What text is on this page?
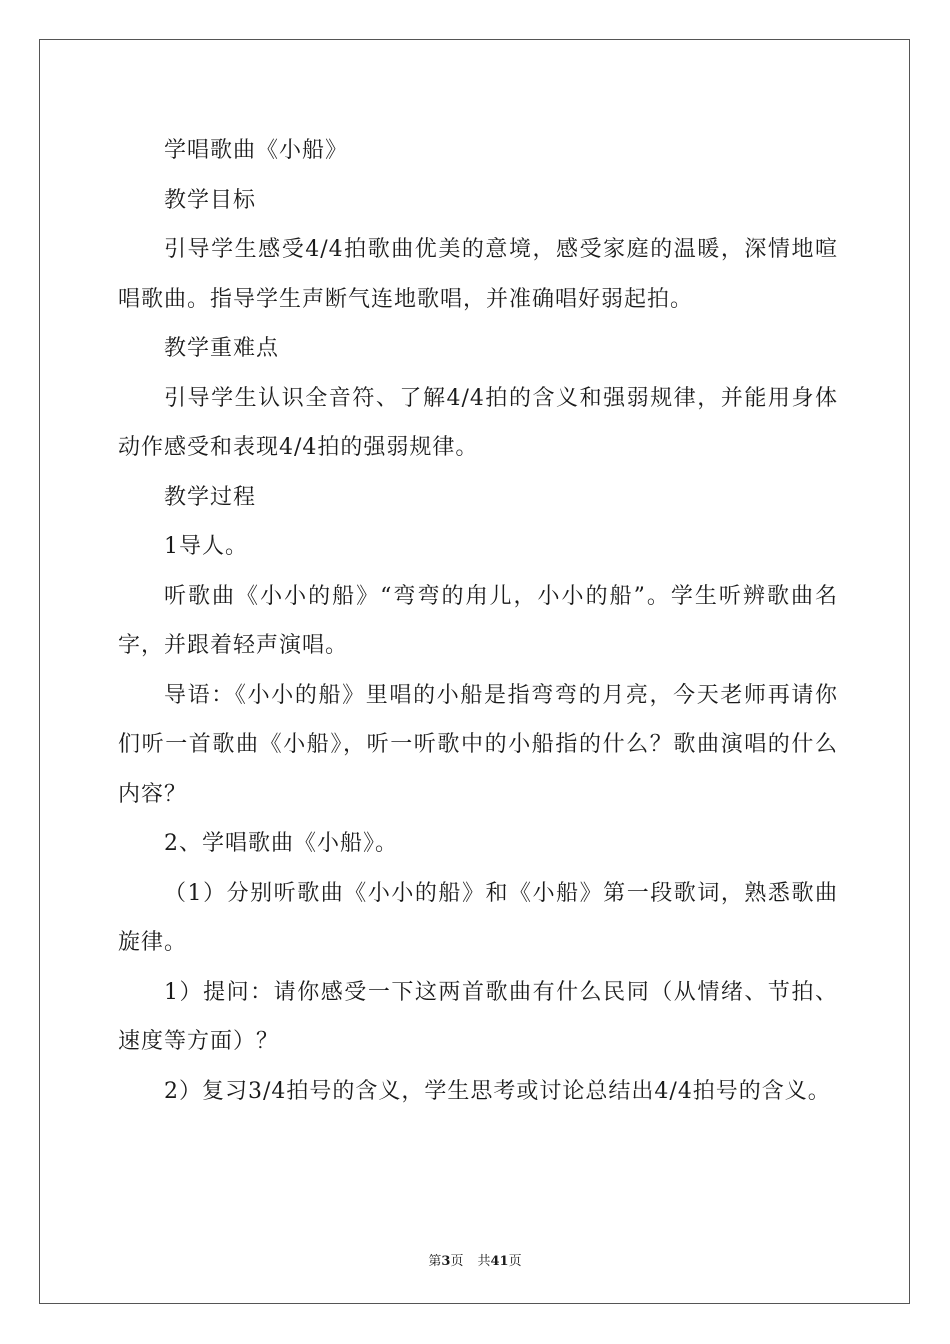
学唱歌曲《小船》

教学目标

引导学生感受4/4拍歌曲优美的意境，感受家庭的温暖，深情地喧唱歌曲。指导学生声断气连地歌唱，并准确唱好弱起拍。

教学重难点

引导学生认识全音符、了解4/4拍的含义和强弱规律，并能用身体动作感受和表现4/4拍的强弱规律。

教学过程

1导人。

听歌曲《小小的船》“弯弯的甪儿，小小的船”。学生听辨歌曲名字，并跟着轻声演唱。

导语：《小小的船》里唱的小船是指弯弯的月亮，今天老师再请你们听一首歌曲《小船》，听一听歌中的小船指的什么？歌曲演唱的什么内容？

2、学唱歌曲《小船》。

（1）分别听歌曲《小小的船》和《小船》第一段歌词，熟悉歌曲旋律。

1）提问：请你感受一下这两首歌曲有什么民同（从情绪、节拍、速度等方面）？

2）复习3/4拍号的含义，学生思考或讨论总结出4/4拍号的含义。

第3页 共41页
